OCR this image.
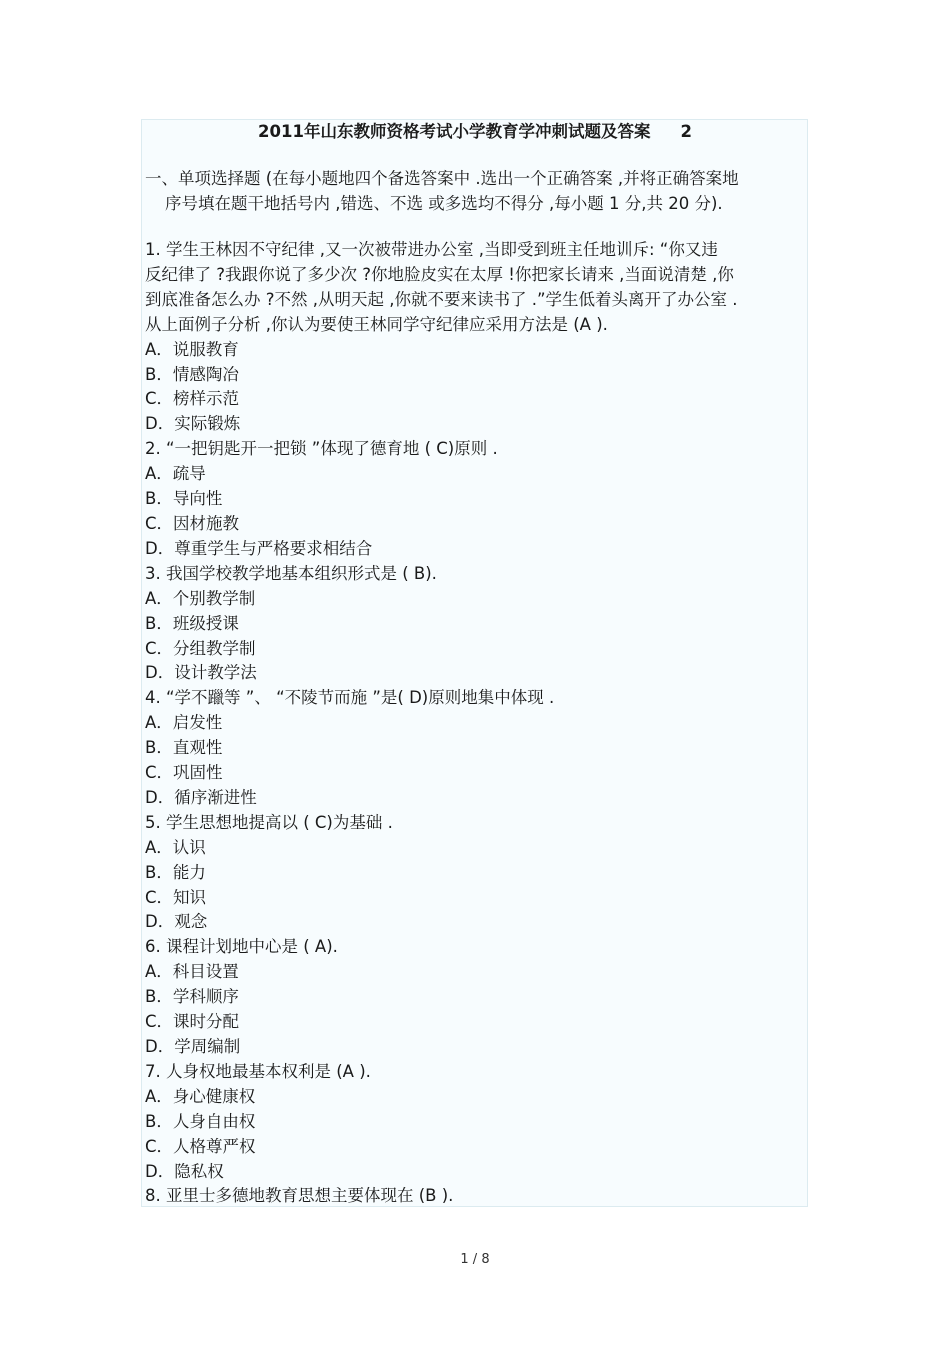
2011年山东教师资格考试小学教育学冲刺试题及答案 2
一、单项选择题 (在每小题地四个备选答案中 .选出一个正确答案 ,并将正确答案地
序号填在题干地括号内 ,错选、不选 或多选均不得分 ,每小题 1 分,共 20 分).
1. 学生王林因不守纪律 ,又一次被带进办公室 ,当即受到班主任地训斥: “你又违
反纪律了 ?我跟你说了多少次 ?你地脸皮实在太厚 !你把家长请来 ,当面说清楚 ,你
到底准备怎么办 ?不然 ,从明天起 ,你就不要来读书了 .”学生低着头离开了办公室 .
从上面例子分析 ,你认为要使王林同学守纪律应采用方法是 (A ).
A．说服教育
B．情感陶冶
C．榜样示范
D．实际锻炼
2. “一把钥匙开一把锁 ”体现了德育地 ( C)原则 .
A．疏导
B．导向性
C．因材施教
D．尊重学生与严格要求相结合
3. 我国学校教学地基本组织形式是 ( B).
A．个别教学制
B．班级授课
C．分组教学制
D．设计教学法
4. “学不躐等 ”、 “不陵节而施 ”是( D)原则地集中体现 .
A．启发性
B．直观性
C．巩固性
D．循序渐进性
5. 学生思想地提高以 ( C)为基础 .
A．认识
B．能力
C．知识
D．观念
6. 课程计划地中心是 ( A).
A．科目设置
B．学科顺序
C．课时分配
D．学周编制
7. 人身权地最基本权利是 (A ).
A．身心健康权
B．人身自由权
C．人格尊严权
D．隐私权
8. 亚里士多德地教育思想主要体现在 (B ).
1 / 8
